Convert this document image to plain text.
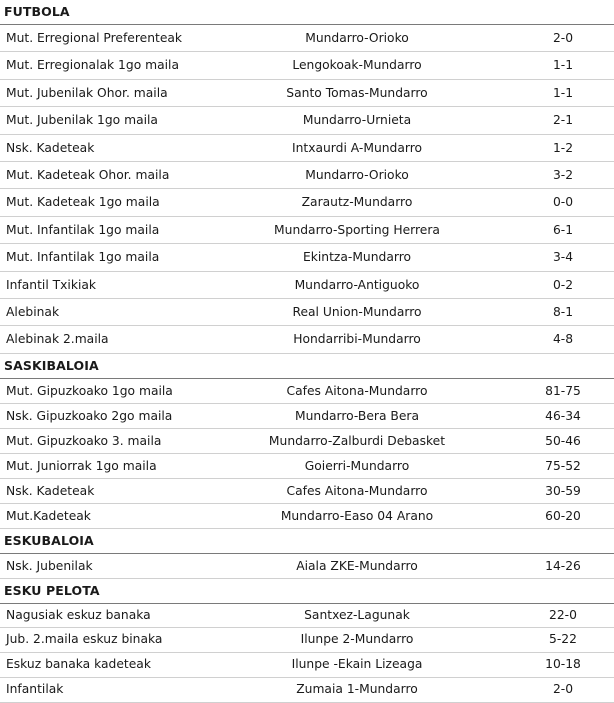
FUTBOLA
Mut. Erregional Preferenteak	Mundarro-Orioko	2-0
Mut. Erregionalak 1go maila	Lengokoak-Mundarro	1-1
Mut. Jubenilak Ohor. maila	Santo Tomas-Mundarro	1-1
Mut. Jubenilak 1go maila	Mundarro-Urnieta	2-1
Nsk. Kadeteak	Intxaurdi A-Mundarro	1-2
Mut. Kadeteak Ohor. maila	Mundarro-Orioko	3-2
Mut. Kadeteak 1go maila	Zarautz-Mundarro	0-0
Mut. Infantilak 1go maila	Mundarro-Sporting Herrera	6-1
Mut. Infantilak 1go maila	Ekintza-Mundarro	3-4
Infantil Txikiak	Mundarro-Antiguoko	0-2
Alebinak	Real Union-Mundarro	8-1
Alebinak 2.maila	Hondarribi-Mundarro	4-8
SASKIBALOIA
Mut. Gipuzkoako 1go maila	Cafes Aitona-Mundarro	81-75
Nsk. Gipuzkoako 2go maila	Mundarro-Bera Bera	46-34
Mut. Gipuzkoako 3. maila	Mundarro-Zalburdi Debasket	50-46
Mut. Juniorrak 1go maila	Goierri-Mundarro	75-52
Nsk. Kadeteak	Cafes Aitona-Mundarro	30-59
Mut.Kadeteak	Mundarro-Easo 04 Arano	60-20
ESKUBALOIA
Nsk. Jubenilak	Aiala ZKE-Mundarro	14-26
ESKU PELOTA
Nagusiak eskuz banaka	Santxez-Lagunak	22-0
Jub. 2.maila eskuz binaka	Ilunpe 2-Mundarro	5-22
Eskuz banaka kadeteak	Ilunpe -Ekain Lizeaga	10-18
Infantilak	Zumaia 1-Mundarro	2-0
